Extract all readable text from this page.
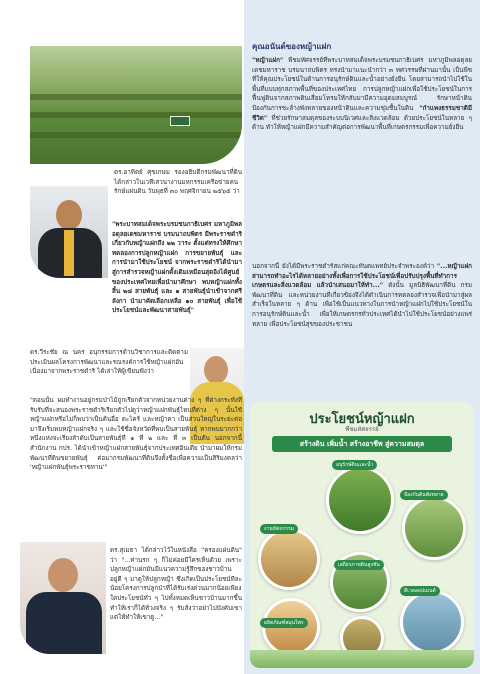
ดร.อาทิตย์ ศุขเกษม รองอธิบดีกรมพัฒนาที่ดิน ได้กล่าวในเวทีเสวนางานมหกรรมเครือข่ายคนรักษ์แผ่นดิน วันพุธที่ ๓๐ พฤศจิกายน ๒๕๖๕ ว่า
"พระบาทสมเด็จพระบรมชนกาธิเบศร มหาภูมิพลอดุลยเดชมหาราช บรมนาถบพิตร มีพระราชดำริเกี่ยวกับหญ้าแฝกถึง ๒๒ วาระ ตั้งแต่ทรงให้ศึกษาทดลองการปลูกหญ้าแฝก การขยายพันธุ์ และการนำมาใช้ประโยชน์ จากพระราชดำริได้นำมาสู่การสำรวจหญ้าแฝกดั้งเดิมเหมือนสุดอิงได้ศูนย์ของประเทศไทยเพื่อนำมาศึกษา พบหญ้าแฝกทั้งสิ้น ๒๘ สายพันธุ์ และ ๑ สายพันธุ์นำเข้าจากศรีลังกา นำมาคัดเลือกเหลือ ๑๐ สายพันธุ์ เพื่อใช้ประโยชน์และพัฒนาสายพันธุ์"
ดร.วีระชัย ณ นคร อนุกรรมการด้านวิชาการและติดตามประเมินผลโครงการพัฒนาและรณรงค์การใช้หญ้าแฝกอันเนื่องมาจากพระราชดำริ ได้เล่าให้ผู้เขียนฟังว่า
"ตอนนั้น ผมทำงานอยู่กรมป่าไม้ถูกเรียกตัวจากหน่วยงานต่าง ๆ ที่ต่างกระทั่งที่รับรับที่จะสนองพระราชดำริเรียกตัวไปดูว่าหญ้าแฝกพันธุ์ไหนที่ต่าง ๆ นั้นใช้หญ้าแฝกหรือไม่ก็พบว่าเป็นต้นอื่อ ตะไคร้ และหญ้าคา เป็นส่วนใหญ่ในระยะต่อมาจึงเริ่มพบหญ้าแฝกจริง ๆ และใช้ชื่อจังหวัดที่พบเป็นสายพันธุ์ หากพบมากกว่าหนึ่งแห่งจะเรียงลำดับเป็นสายพันธุ์ที่ ๑ ที่ ๒ และ ที่ ๓ เป็นต้น นอกจากนี้สำนักงาน กปร. ได้นำเข้าหญ้าแฝกสายพันธุ์จากประเทศอินเดีย นำมาผมให้กรมพัฒนาที่ดินขยายพันธุ์ ต่อมากรมพัฒนาที่ดินจึงตั้งชื่อเพื่อความเป็นสิริมงคลว่า 'หญ้าแฝกพันธุ์พระราชทาน'"
ดร.สุเมธา ได้กล่าวไว้ในหนังสือ "ครองแผ่นดิน" ว่า "...ท่านรก ๆ ก็ไม่ค่อยมีใครเห็นด้วย เพราะปลูกหญ้าแฝกมันมีแนวความรู้สึกของชาวบ้านอยู่ดี ๆ มาดูให้ปลูกหญ้า ซึ่งเกิดเป็นประโยชน์ทีละน้อยโครงการปลูกป่าที่ได้รับเร่งด่วนมากน้อยเพียงใดประโยชน์ทั่ว ๆ ไปทั้งหมดเห็นชาวบ้านมากขึ้นทำให้เราก็ได้ท้วงจริง ๆ รับสั่งว่าอย่าไปบังคับเขา แต่ให้ทำให้เขาดู..."
คุณอนันต์ของหญ้าแฝก
"หญ้าแฝก" พืชมหัศจรรย์ที่พระบาทสมเด็จพระบรมชนกาธิเบศร มหาภูมิพลอดุลยเดชมหาราช บรมนาถบพิตร ทรงนำมาแนะนำกว่า ๓ ทศวรรษที่ผ่านมานั้น เป็นพืชที่ให้คุณประโยชน์ในด้านการอนุรักษ์ดินและน้ำอย่างยั่งยืน โดยสามารถนำไปใช้ในพื้นที่แบบทุกสภาพพื้นที่ของประเทศไทย การปลูกหญ้าแฝกเพื่อใช้ประโยชน์ในการฟื้นฟูดินจากสภาพดินเสื่อมโทรมให้กลับมามีความอุดมสมบูรณ์ รักษาหน้าดินป้องกันการชะล้างพังทลายของหน้าดินและความชุ่มชื้นในดิน "กำแพงธรรมชาติมีชีวิต" ที่ช่วยรักษาสมดุลของระบบนิเวศและสิ่งแวดล้อม ด้วยประโยชน์ในหลาย ๆ ด้าน ทำให้หญ้าแฝกมีความสำคัญต่อการพัฒนาพื้นที่เกษตรกรรมเพื่อความยั่งยืน
นอกจากนี้ ยังได้มีพระราชดำรัสแก่คณะทันตแพทย์ประจำพระองค์ว่า "...หญ้าแฝกสามารถทำอะไรได้หลายอย่างทั้งเพื่อการใช้ประโยชน์เพื่อปรับปรุงพื้นที่ทำการเกษตรและสิ่งแวดล้อม แล้วนำเสนอมาให้ทำ..." ดังนั้น มูลนิธิพัฒนาที่ดิน กรมพัฒนาที่ดิน และหน่วยงานที่เกี่ยวข้องจึงได้ดำเนินการทดลองสำรวจเพื่อนำมาสู่ผลสำเร็จในหลาย ๆ ด้าน เพื่อใช้เป็นแนวทางในการนำหญ้าแฝกไปใช้ประโยชน์ในการอนุรักษ์ดินและน้ำ เพื่อให้เกษตรกรทั่วประเทศได้นำไปใช้ประโยชน์อย่างแพร่หลาย เพื่อประโยชน์สุขของประชาชน
ประโยชน์หญ้าแฝก
พืชมหัศจรรย์
สร้างดิน เพิ่มน้ำ สร้างอาชีพ สู่ความสมดุล
อนุรักษ์ดินและน้ำ
ป้องกันดินพังทลาย
งานหัตถกรรม
เสถียรภาพดินสูงชัน
ผลิตภัณฑ์สมุนไพร
ดีเวลลอปเมนต์
